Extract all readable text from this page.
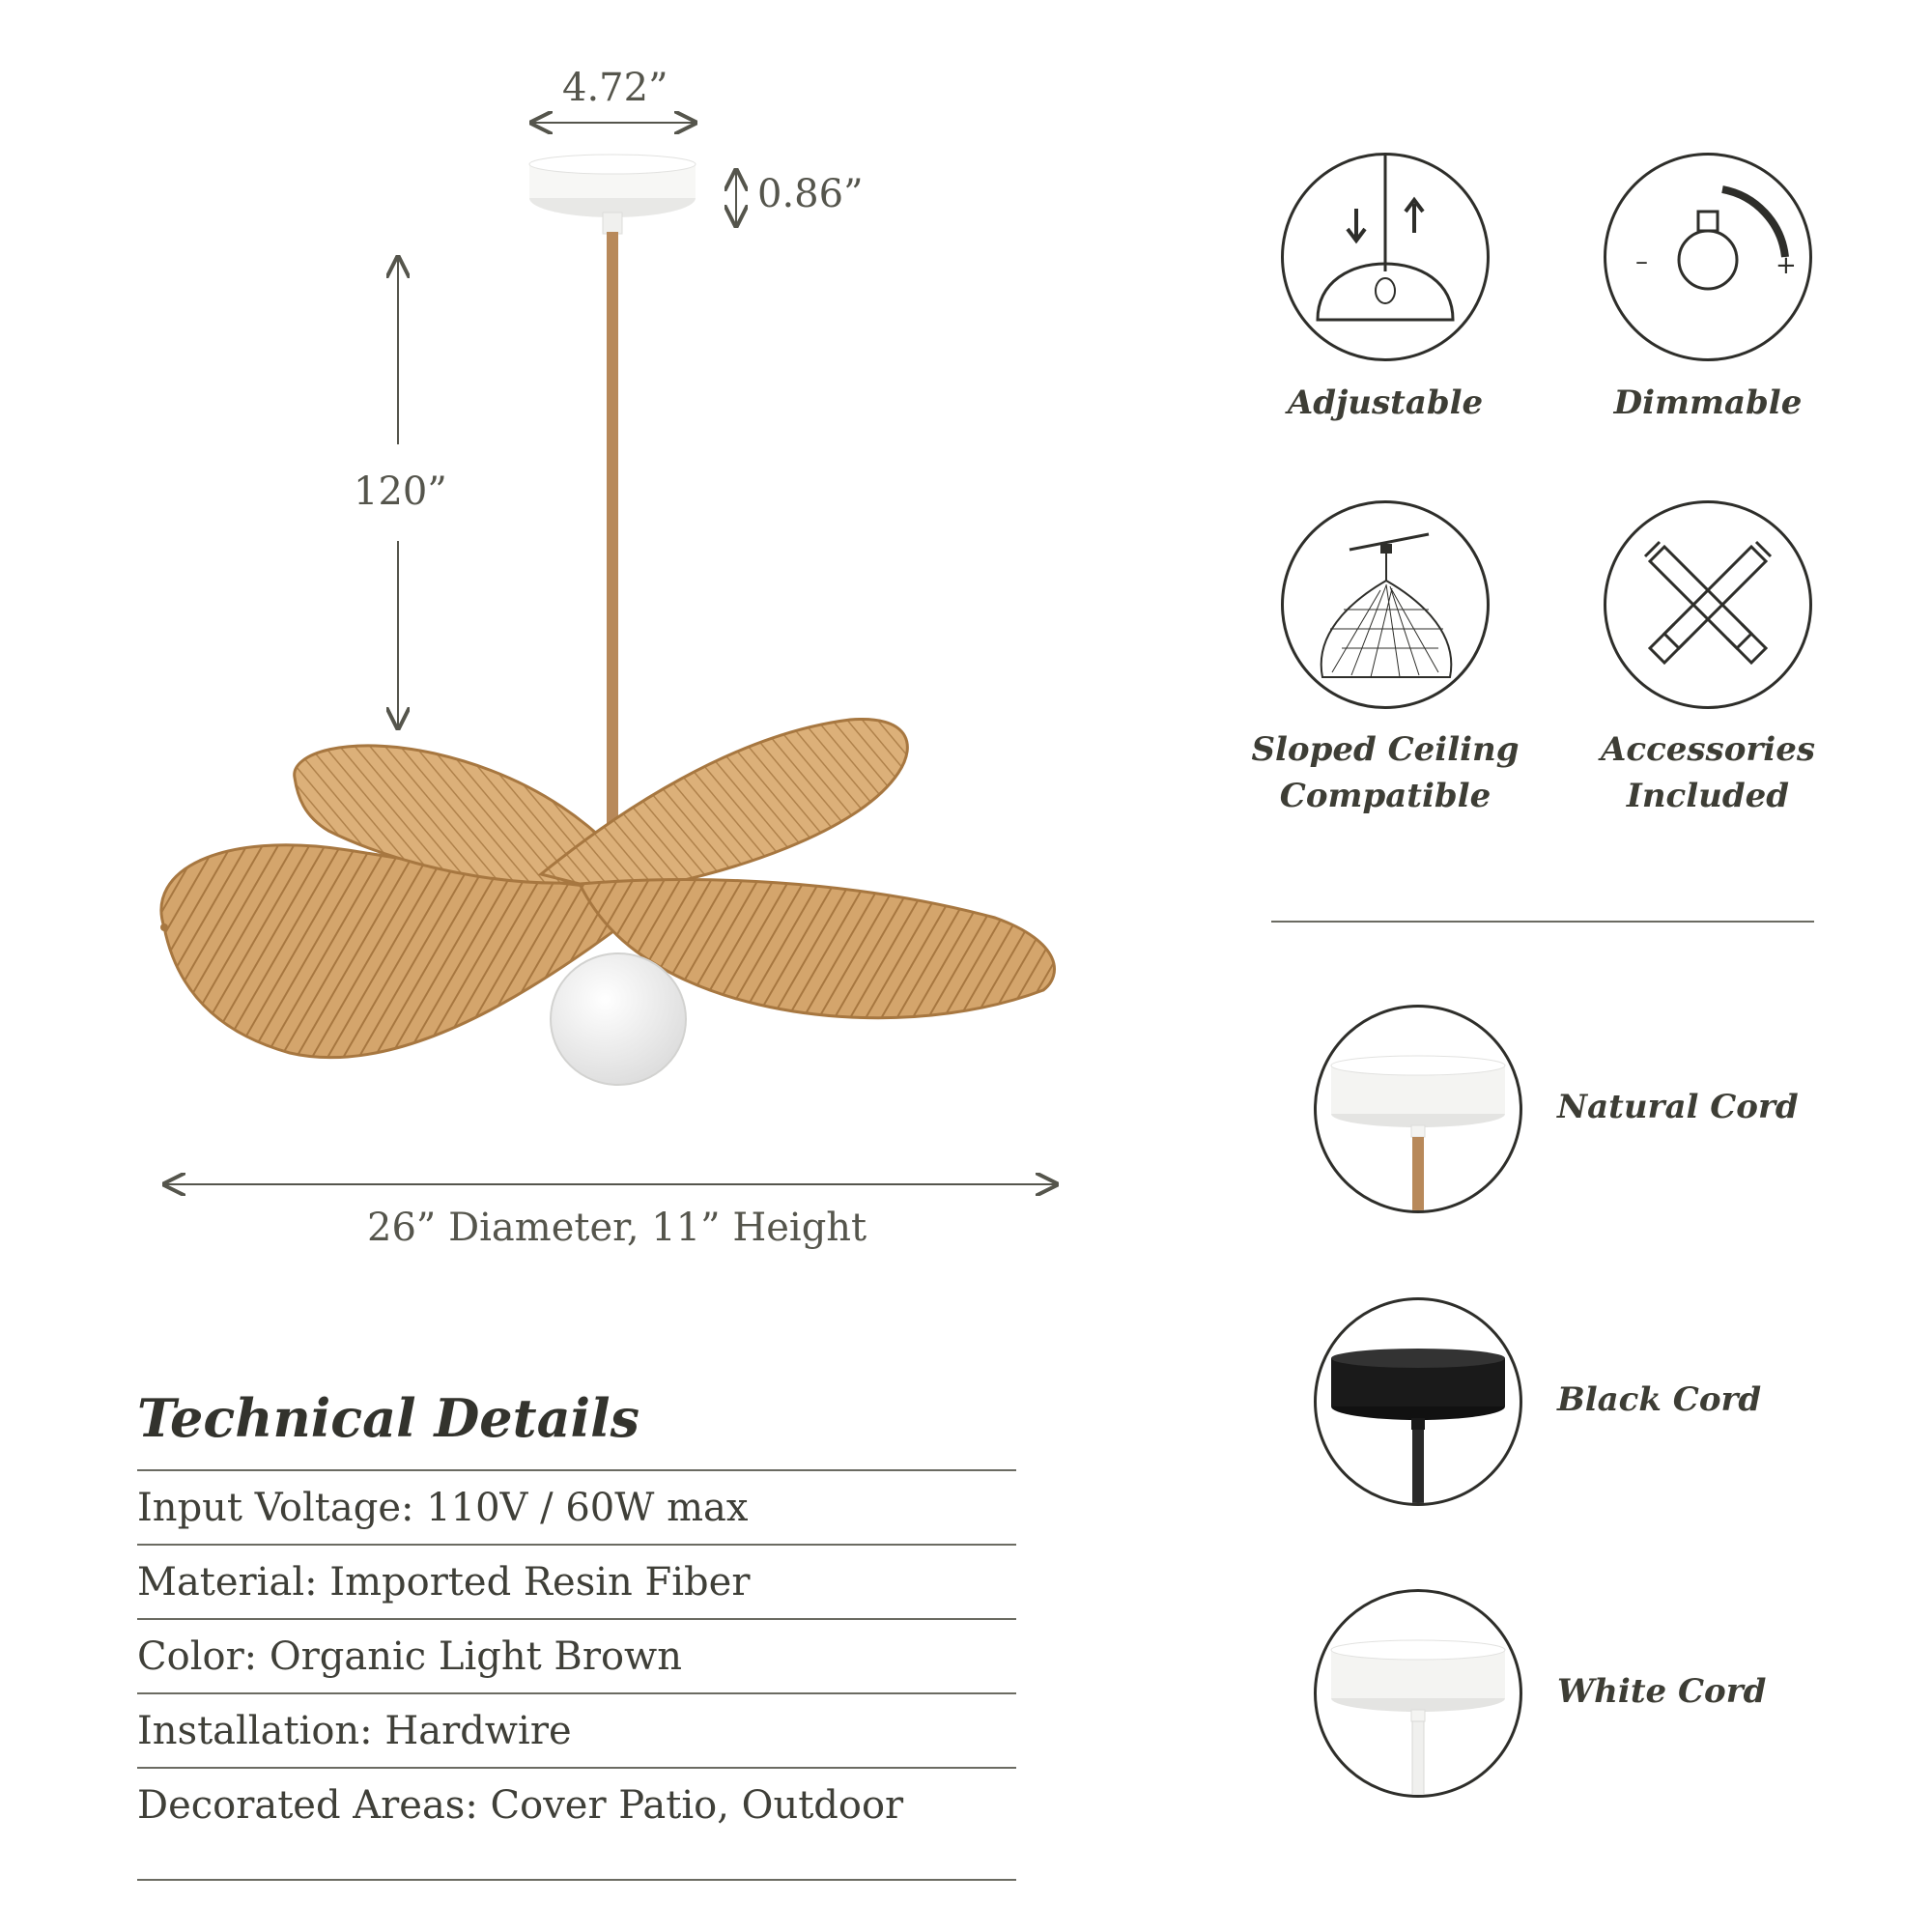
4.72”
0.86”
120”
26” Diameter, 11” Height
Adjustable
–	+
Dimmable
Sloped Ceiling
Compatible
Accessories
Included
Natural Cord
Black Cord
White Cord
Technical Details
Input Voltage: 110V / 60W max
Material: Imported Resin Fiber
Color: Organic Light Brown
Installation: Hardwire
Decorated Areas: Cover Patio, Outdoor
